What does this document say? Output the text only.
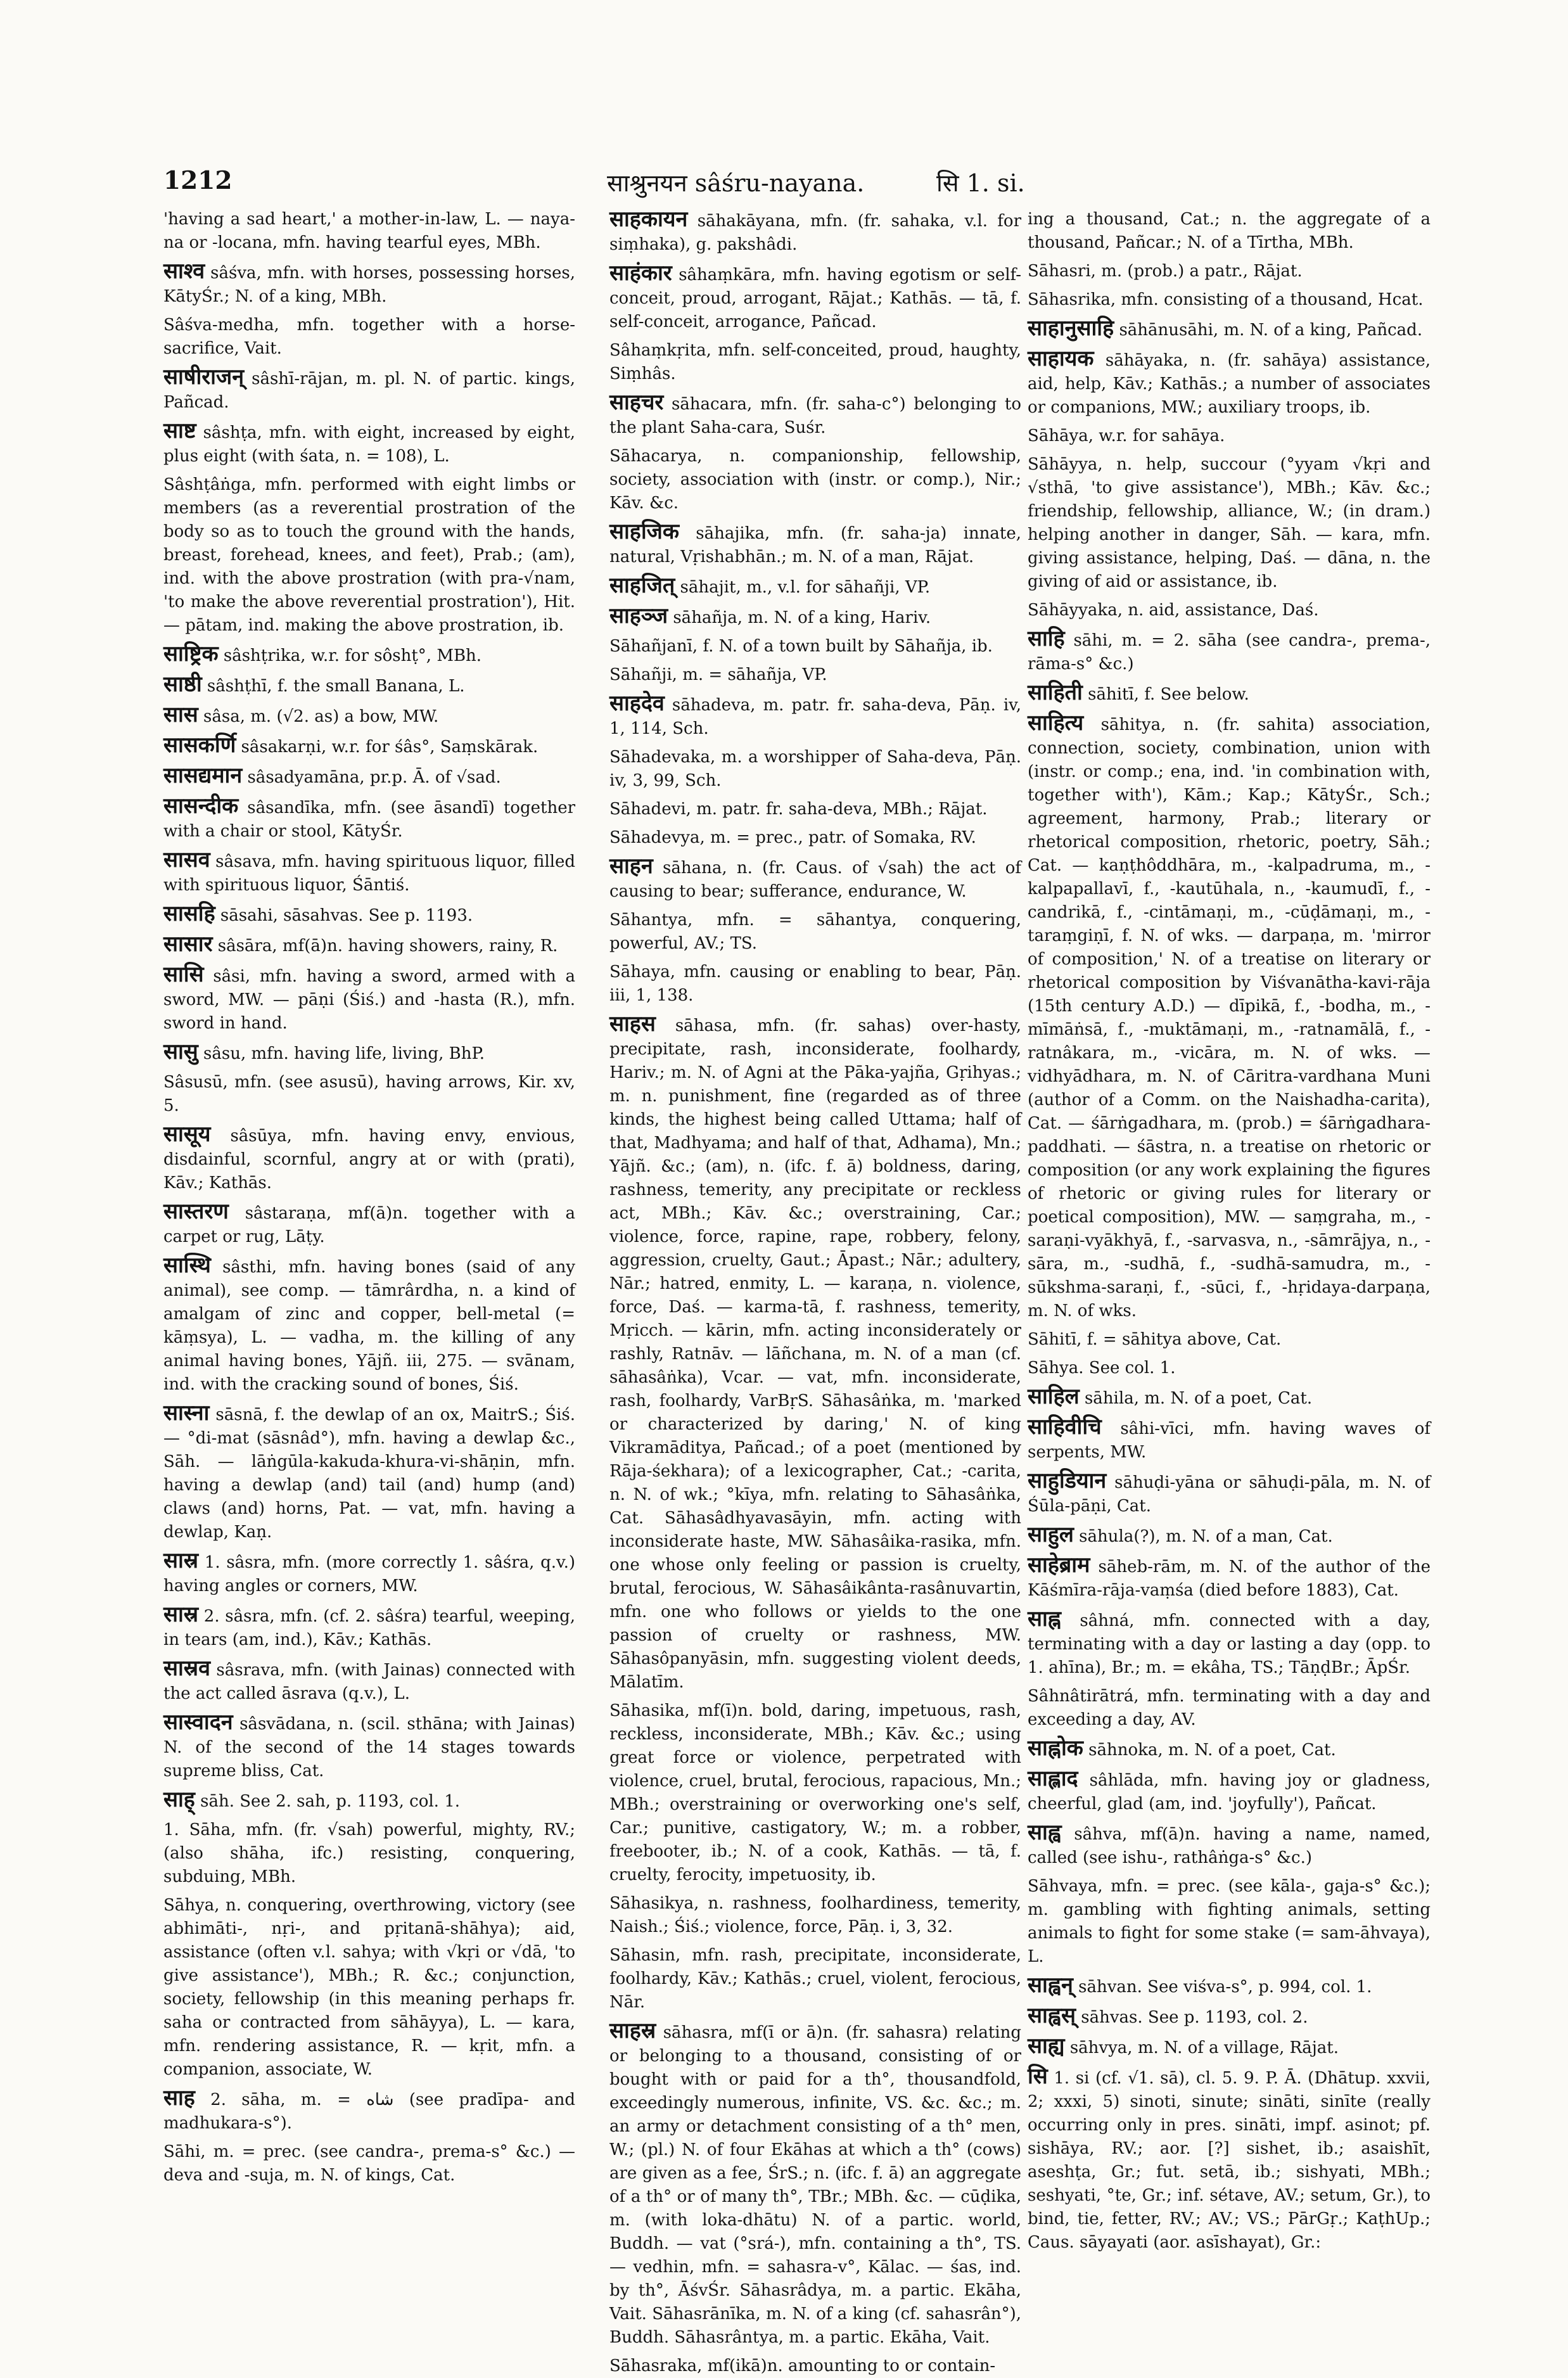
1212	साश्रुनयन sâśru-nayana.	सि 1. si.

'having a sad heart,' a mother-in-law, L. — naya-na or -locana, mfn. having tearful eyes, MBh.

साश्व sâśva, mfn. with horses, possessing horses, KātyŚr.; N. of a king, MBh.

Sâśva-medha, mfn. together with a horse-sacrifice, Vait.

साषीराजन् sâshī-rājan, m. pl. N. of partic. kings, Pañcad.

साष्ट sâshṭa, mfn. with eight, increased by eight, plus eight (with śata, n. = 108), L.

Sâshṭâṅga, mfn. performed with eight limbs or members (as a reverential prostration of the body so as to touch the ground with the hands, breast, forehead, knees, and feet), Prab.; (am), ind. with the above prostration (with pra-√nam, 'to make the above reverential prostration'), Hit. — pātam, ind. making the above prostration, ib.

साष्ट्रिक sâshṭrika, w.r. for sôshṭ°, MBh.

साष्ठी sâshṭhī, f. the small Banana, L.

सास sâsa, m. (√2. as) a bow, MW.

सासकर्णि sâsakarṇi, w.r. for śâs°, Saṃskārak.

सासद्यमान sâsadyamāna, pr.p. Ā. of √sad.

सासन्दीक sâsandīka, mfn. (see āsandī) together with a chair or stool, KātyŚr.

सासव sâsava, mfn. having spirituous liquor, filled with spirituous liquor, Śāntiś.

सासहि sāsahi, sāsahvas. See p. 1193.

सासार sâsāra, mf(ā)n. having showers, rainy, R.

सासि sâsi, mfn. having a sword, armed with a sword, MW. — pāṇi (Śiś.) and -hasta (R.), mfn. sword in hand.

सासु sâsu, mfn. having life, living, BhP.

Sâsusū, mfn. (see asusū), having arrows, Kir. xv, 5.

सासूय sâsūya, mfn. having envy, envious, disdainful, scornful, angry at or with (prati), Kāv.; Kathās.

सास्तरण sâstaraṇa, mf(ā)n. together with a carpet or rug, Lāṭy.

सास्थि sâsthi, mfn. having bones (said of any animal), see comp. — tāmrârdha, n. a kind of amalgam of zinc and copper, bell-metal (= kāṃsya), L. — vadha, m. the killing of any animal having bones, Yājñ. iii, 275. — svānam, ind. with the cracking sound of bones, Śiś.

सास्ना sāsnā, f. the dewlap of an ox, MaitrS.; Śiś. — °di-mat (sāsnâd°), mfn. having a dewlap &c., Sāh. — lāṅgūla-kakuda-khura-vi-shāṇin, mfn. having a dewlap (and) tail (and) hump (and) claws (and) horns, Pat. — vat, mfn. having a dewlap, Kaṇ.

सास्र 1. sâsra, mfn. (more correctly 1. sâśra, q.v.) having angles or corners, MW.

सास्र 2. sâsra, mfn. (cf. 2. sâśra) tearful, weeping, in tears (am, ind.), Kāv.; Kathās.

सास्रव sâsrava, mfn. (with Jainas) connected with the act called āsrava (q.v.), L.

सास्वादन sâsvādana, n. (scil. sthāna; with Jainas) N. of the second of the 14 stages towards supreme bliss, Cat.

साह् sāh. See 2. sah, p. 1193, col. 1.

1. Sāha, mfn. (fr. √sah) powerful, mighty, RV.; (also shāha, ifc.) resisting, conquering, subduing, MBh.

Sāhya, n. conquering, overthrowing, victory (see abhimāti-, nṛi-, and pṛitanā-shāhya); aid, assistance (often v.l. sahya; with √kṛi or √dā, 'to give assistance'), MBh.; R. &c.; conjunction, society, fellowship (in this meaning perhaps fr. saha or contracted from sāhāyya), L. — kara, mfn. rendering assistance, R. — kṛit, mfn. a companion, associate, W.

साह 2. sāha, m. = شاه (see pradīpa- and madhukara-s°).

Sāhi, m. = prec. (see candra-, prema-s° &c.) — deva and -suja, m. N. of kings, Cat.

साहकायन sāhakāyana, mfn. (fr. sahaka, v.l. for siṃhaka), g. pakshâdi.

साहंकार sâhaṃkāra, mfn. having egotism or self-conceit, proud, arrogant, Rājat.; Kathās. — tā, f. self-conceit, arrogance, Pañcad.

Sâhaṃkṛita, mfn. self-conceited, proud, haughty, Siṃhâs.

साहचर sāhacara, mfn. (fr. saha-c°) belonging to the plant Saha-cara, Suśr.

Sāhacarya, n. companionship, fellowship, society, association with (instr. or comp.), Nir.; Kāv. &c.

साहजिक sāhajika, mfn. (fr. saha-ja) innate, natural, Vṛishabhān.; m. N. of a man, Rājat.

साहजित् sāhajit, m., v.l. for sāhañji, VP.

साहञ्ज sāhañja, m. N. of a king, Hariv.

Sāhañjanī, f. N. of a town built by Sāhañja, ib.

Sāhañji, m. = sāhañja, VP.

साहदेव sāhadeva, m. patr. fr. saha-deva, Pāṇ. iv, 1, 114, Sch.

Sāhadevaka, m. a worshipper of Saha-deva, Pāṇ. iv, 3, 99, Sch.

Sāhadevi, m. patr. fr. saha-deva, MBh.; Rājat.

Sāhadevya, m. = prec., patr. of Somaka, RV.

साहन sāhana, n. (fr. Caus. of √sah) the act of causing to bear; sufferance, endurance, W.

Sāhantya, mfn. = sāhantya, conquering, powerful, AV.; TS.

Sāhaya, mfn. causing or enabling to bear, Pāṇ. iii, 1, 138.

साहस sāhasa, mfn. (fr. sahas) over-hasty, precipitate, rash, inconsiderate, foolhardy, Hariv.; m. N. of Agni at the Pāka-yajña, Gṛihyas.; m. n. punishment, fine (regarded as of three kinds, the highest being called Uttama; half of that, Madhyama; and half of that, Adhama), Mn.; Yājñ. &c.; (am), n. (ifc. f. ā) boldness, daring, rashness, temerity, any precipitate or reckless act, MBh.; Kāv. &c.; overstraining, Car.; violence, force, rapine, rape, robbery, felony, aggression, cruelty, Gaut.; Āpast.; Nār.; adultery, Nār.; hatred, enmity, L. — karaṇa, n. violence, force, Daś. — karma-tā, f. rashness, temerity, Mṛicch. — kārin, mfn. acting inconsiderately or rashly, Ratnāv. — lāñchana, m. N. of a man (cf. sāhasâṅka), Vcar. — vat, mfn. inconsiderate, rash, foolhardy, VarBṛS. Sāhasâṅka, m. 'marked or characterized by daring,' N. of king Vikramāditya, Pañcad.; of a poet (mentioned by Rāja-śekhara); of a lexicographer, Cat.; -carita, n. N. of wk.; °kīya, mfn. relating to Sāhasâṅka, Cat. Sāhasâdhyavasāyin, mfn. acting with inconsiderate haste, MW. Sāhasâika-rasika, mfn. one whose only feeling or passion is cruelty, brutal, ferocious, W. Sāhasâikânta-rasânuvartin, mfn. one who follows or yields to the one passion of cruelty or rashness, MW. Sāhasôpanyāsin, mfn. suggesting violent deeds, Mālatīm.

Sāhasika, mf(ī)n. bold, daring, impetuous, rash, reckless, inconsiderate, MBh.; Kāv. &c.; using great force or violence, perpetrated with violence, cruel, brutal, ferocious, rapacious, Mn.; MBh.; overstraining or overworking one's self, Car.; punitive, castigatory, W.; m. a robber, freebooter, ib.; N. of a cook, Kathās. — tā, f. cruelty, ferocity, impetuosity, ib.

Sāhasikya, n. rashness, foolhardiness, temerity, Naish.; Śiś.; violence, force, Pāṇ. i, 3, 32.

Sāhasin, mfn. rash, precipitate, inconsiderate, foolhardy, Kāv.; Kathās.; cruel, violent, ferocious, Nār.

साहस्र sāhasra, mf(ī or ā)n. (fr. sahasra) relating or belonging to a thousand, consisting of or bought with or paid for a th°, thousandfold, exceedingly numerous, infinite, VS. &c. &c.; m. an army or detachment consisting of a th° men, W.; (pl.) N. of four Ekāhas at which a th° (cows) are given as a fee, ŚrS.; n. (ifc. f. ā) an aggregate of a th° or of many th°, TBr.; MBh. &c. — cūḍika, m. (with loka-dhātu) N. of a partic. world, Buddh. — vat (°srá-), mfn. containing a th°, TS. — vedhin, mfn. = sahasra-v°, Kālac. — śas, ind. by th°, ĀśvŚr. Sāhasrâdya, m. a partic. Ekāha, Vait. Sāhasrānīka, m. N. of a king (cf. sahasrân°), Buddh. Sāhasrântya, m. a partic. Ekāha, Vait.

Sāhasraka, mf(ikā)n. amounting to or contain-

ing a thousand, Cat.; n. the aggregate of a thousand, Pañcar.; N. of a Tīrtha, MBh.

Sāhasri, m. (prob.) a patr., Rājat.

Sāhasrika, mfn. consisting of a thousand, Hcat.

साहानुसाहि sāhānusāhi, m. N. of a king, Pañcad.

साहायक sāhāyaka, n. (fr. sahāya) assistance, aid, help, Kāv.; Kathās.; a number of associates or companions, MW.; auxiliary troops, ib.

Sāhāya, w.r. for sahāya.

Sāhāyya, n. help, succour (°yyam √kṛi and √sthā, 'to give assistance'), MBh.; Kāv. &c.; friendship, fellowship, alliance, W.; (in dram.) helping another in danger, Sāh. — kara, mfn. giving assistance, helping, Daś. — dāna, n. the giving of aid or assistance, ib.

Sāhāyyaka, n. aid, assistance, Daś.

साहि sāhi, m. = 2. sāha (see candra-, prema-, rāma-s° &c.)

साहिती sāhitī, f. See below.

साहित्य sāhitya, n. (fr. sahita) association, connection, society, combination, union with (instr. or comp.; ena, ind. 'in combination with, together with'), Kām.; Kap.; KātyŚr., Sch.; agreement, harmony, Prab.; literary or rhetorical composition, rhetoric, poetry, Sāh.; Cat. — kaṇṭhôddhāra, m., -kalpadruma, m., -kalpapallavī, f., -kautūhala, n., -kaumudī, f., -candrikā, f., -cintāmaṇi, m., -cūḍāmaṇi, m., -taraṃgiṇī, f. N. of wks. — darpaṇa, m. 'mirror of composition,' N. of a treatise on literary or rhetorical composition by Viśvanātha-kavi-rāja (15th century A.D.) — dīpikā, f., -bodha, m., -mīmāṅsā, f., -muktāmaṇi, m., -ratnamālā, f., -ratnâkara, m., -vicāra, m. N. of wks. — vidhyādhara, m. N. of Cāritra-vardhana Muni (author of a Comm. on the Naishadha-carita), Cat. — śārṅgadhara, m. (prob.) = śārṅgadhara-paddhati. — śāstra, n. a treatise on rhetoric or composition (or any work explaining the figures of rhetoric or giving rules for literary or poetical composition), MW. — saṃgraha, m., -saraṇi-vyākhyā, f., -sarvasva, n., -sāmrājya, n., -sāra, m., -sudhā, f., -sudhā-samudra, m., -sūkshma-saraṇi, f., -sūci, f., -hṛidaya-darpaṇa, m. N. of wks.

Sāhitī, f. = sāhitya above, Cat.

Sāhya. See col. 1.

साहिल sāhila, m. N. of a poet, Cat.

साहिवीचि sâhi-vīci, mfn. having waves of serpents, MW.

साहुडियान sāhuḍi-yāna or sāhuḍi-pāla, m. N. of Śūla-pāṇi, Cat.

साहुल sāhula(?), m. N. of a man, Cat.

साहेब्राम sāheb-rām, m. N. of the author of the Kāśmīra-rāja-vaṃśa (died before 1883), Cat.

साह्न sâhná, mfn. connected with a day, terminating with a day or lasting a day (opp. to 1. ahīna), Br.; m. = ekâha, TS.; TāṇḍBr.; ĀpŚr.

Sâhnâtirātrá, mfn. terminating with a day and exceeding a day, AV.

साह्नोक sāhnoka, m. N. of a poet, Cat.

साह्लाद sâhlāda, mfn. having joy or gladness, cheerful, glad (am, ind. 'joyfully'), Pañcat.

साह्व sâhva, mf(ā)n. having a name, named, called (see ishu-, rathâṅga-s° &c.)

Sāhvaya, mfn. = prec. (see kāla-, gaja-s° &c.); m. gambling with fighting animals, setting animals to fight for some stake (= sam-āhvaya), L.

साह्वन् sāhvan. See viśva-s°, p. 994, col. 1.

साह्वस् sāhvas. See p. 1193, col. 2.

साह्य sāhvya, m. N. of a village, Rājat.

सि 1. si (cf. √1. sā), cl. 5. 9. P. Ā. (Dhātup. xxvii, 2; xxxi, 5) sinoti, sinute; sināti, sinīte (really occurring only in pres. sināti, impf. asinot; pf. sishāya, RV.; aor. [?] sishet, ib.; asaishīt, aseshṭa, Gr.; fut. setā, ib.; sishyati, MBh.; seshyati, °te, Gr.; inf. sétave, AV.; setum, Gr.), to bind, tie, fetter, RV.; AV.; VS.; PārGṛ.; KaṭhUp.; Caus. sāyayati (aor. asīshayat), Gr.:
